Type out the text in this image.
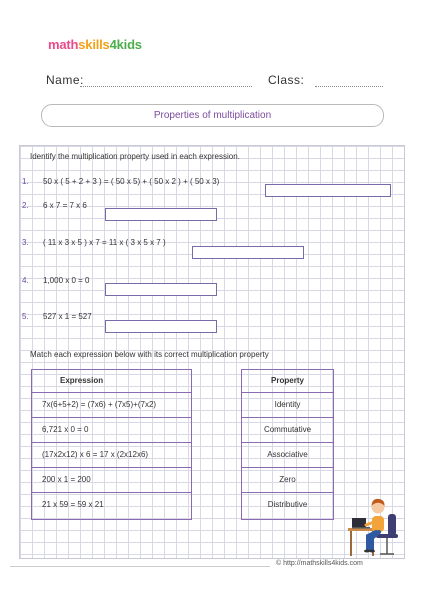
mathskills4kids
Name:	Class:
Properties of multiplication
Identify the multiplication property used in each expression.
1. 50 x ( 5 + 2 + 3 ) = ( 50 x 5) + ( 50 x 2 ) + ( 50 x 3)
2. 6 x 7 = 7 x 6
3. ( 11 x 3 x 5 ) x 7 = 11 x ( 3 x 5 x 7 )
4. 1,000 x 0 = 0
5. 527 x 1 = 527
Match each expression below with its correct multiplication property
Expression
7x(6+5+2) = (7x6) + (7x5)+(7x2)
6,721 x 0 = 0
(17x2x12) x 6 = 17 x (2x12x6)
200 x 1 = 200
21 x 59 = 59 x 21
Property
Identity
Commutative
Associative
Zero
Distributive
© http://mathskills4kids.com
